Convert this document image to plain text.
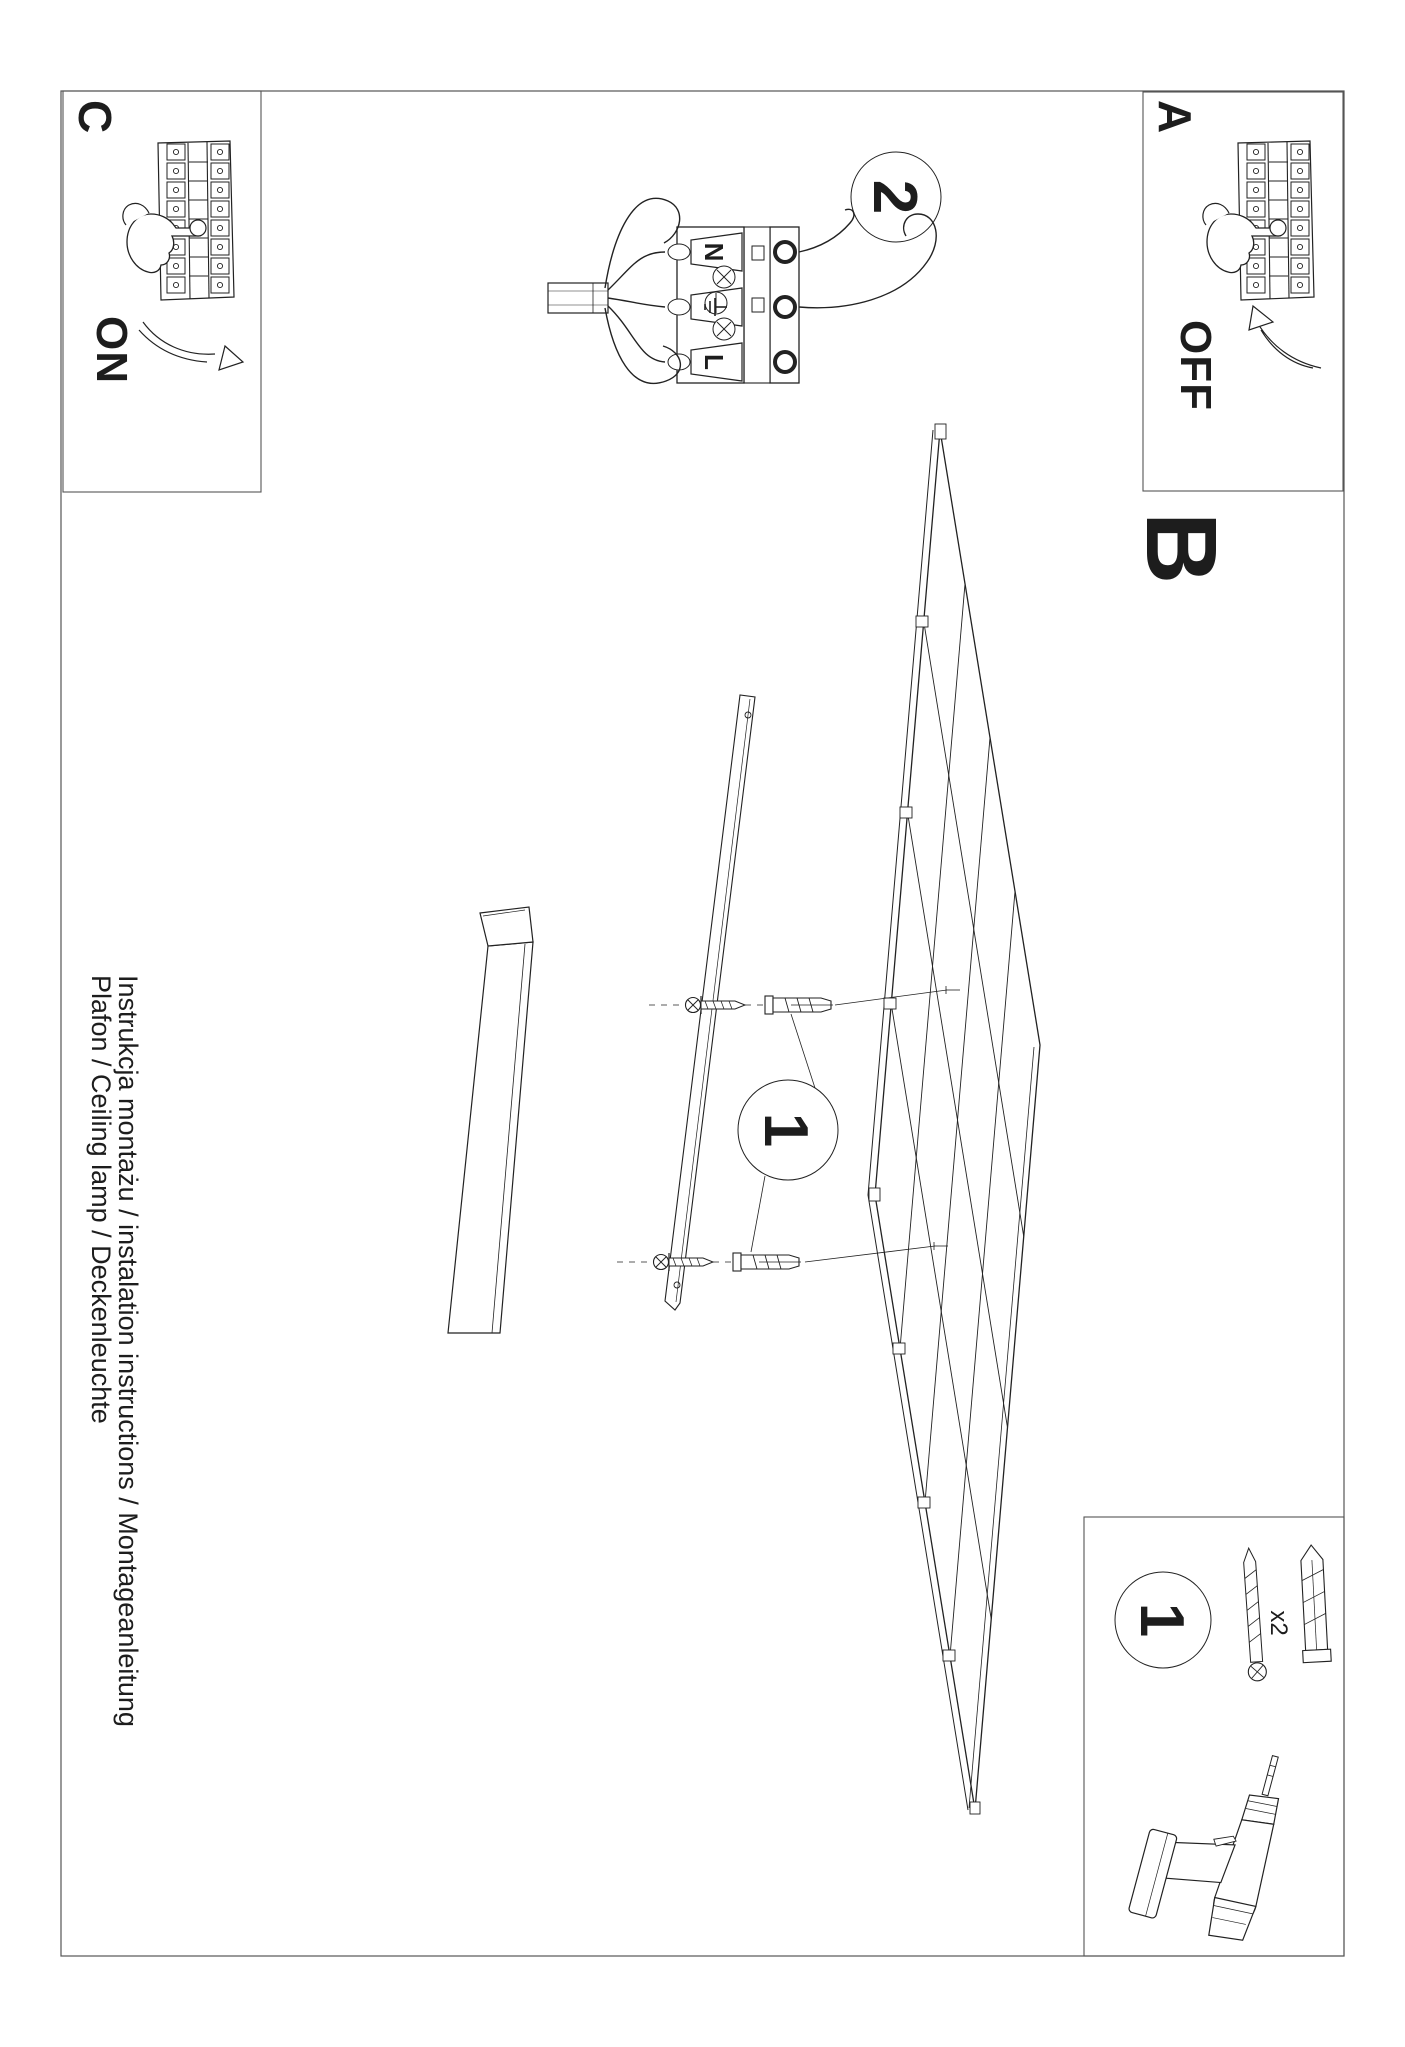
A
OFF
C
ON
B
2
N
L
1
1	x2
Instrukcja montażu / instalation instructions / Montageanleitung
Plafon / Ceiling lamp / Deckenleuchte
